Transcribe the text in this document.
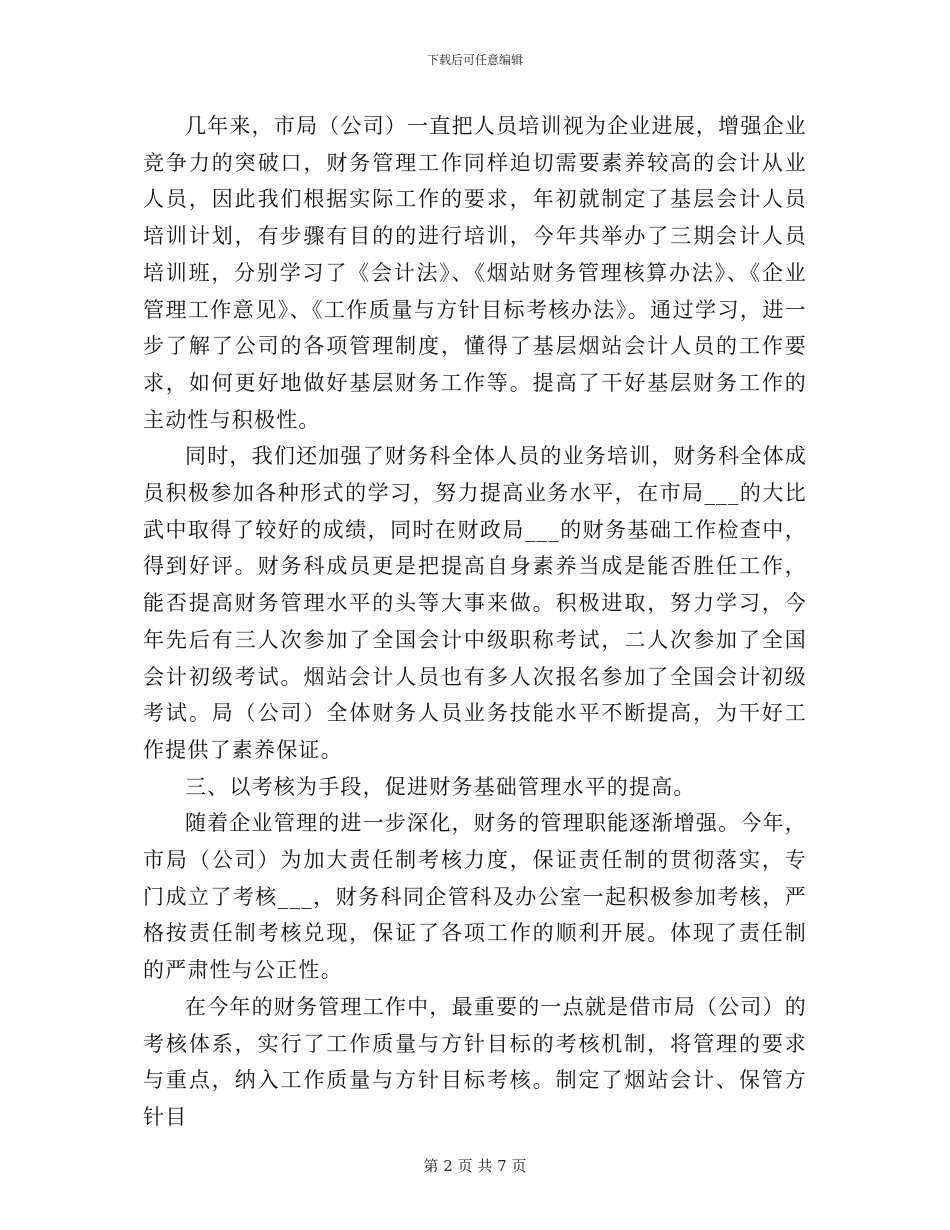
下载后可任意编辑

几年来，市局（公司）一直把人员培训视为企业进展，增强企业竞争力的突破口，财务管理工作同样迫切需要素养较高的会计从业人员，因此我们根据实际工作的要求，年初就制定了基层会计人员培训计划，有步骤有目的的进行培训，今年共举办了三期会计人员培训班，分别学习了《会计法》、《烟站财务管理核算办法》、《企业管理工作意见》、《工作质量与方针目标考核办法》。通过学习，进一步了解了公司的各项管理制度，懂得了基层烟站会计人员的工作要求，如何更好地做好基层财务工作等。提高了干好基层财务工作的主动性与积极性。

同时，我们还加强了财务科全体人员的业务培训，财务科全体成员积极参加各种形式的学习，努力提高业务水平，在市局___的大比武中取得了较好的成绩，同时在财政局___的财务基础工作检查中，得到好评。财务科成员更是把提高自身素养当成是能否胜任工作，能否提高财务管理水平的头等大事来做。积极进取，努力学习，今年先后有三人次参加了全国会计中级职称考试，二人次参加了全国会计初级考试。烟站会计人员也有多人次报名参加了全国会计初级考试。局（公司）全体财务人员业务技能水平不断提高，为干好工作提供了素养保证。

三、以考核为手段，促进财务基础管理水平的提高。

随着企业管理的进一步深化，财务的管理职能逐渐增强。今年，市局（公司）为加大责任制考核力度，保证责任制的贯彻落实，专门成立了考核___，财务科同企管科及办公室一起积极参加考核，严格按责任制考核兑现，保证了各项工作的顺利开展。体现了责任制的严肃性与公正性。

在今年的财务管理工作中，最重要的一点就是借市局（公司）的考核体系，实行了工作质量与方针目标的考核机制，将管理的要求与重点，纳入工作质量与方针目标考核。制定了烟站会计、保管方针目

第 2 页 共 7 页
